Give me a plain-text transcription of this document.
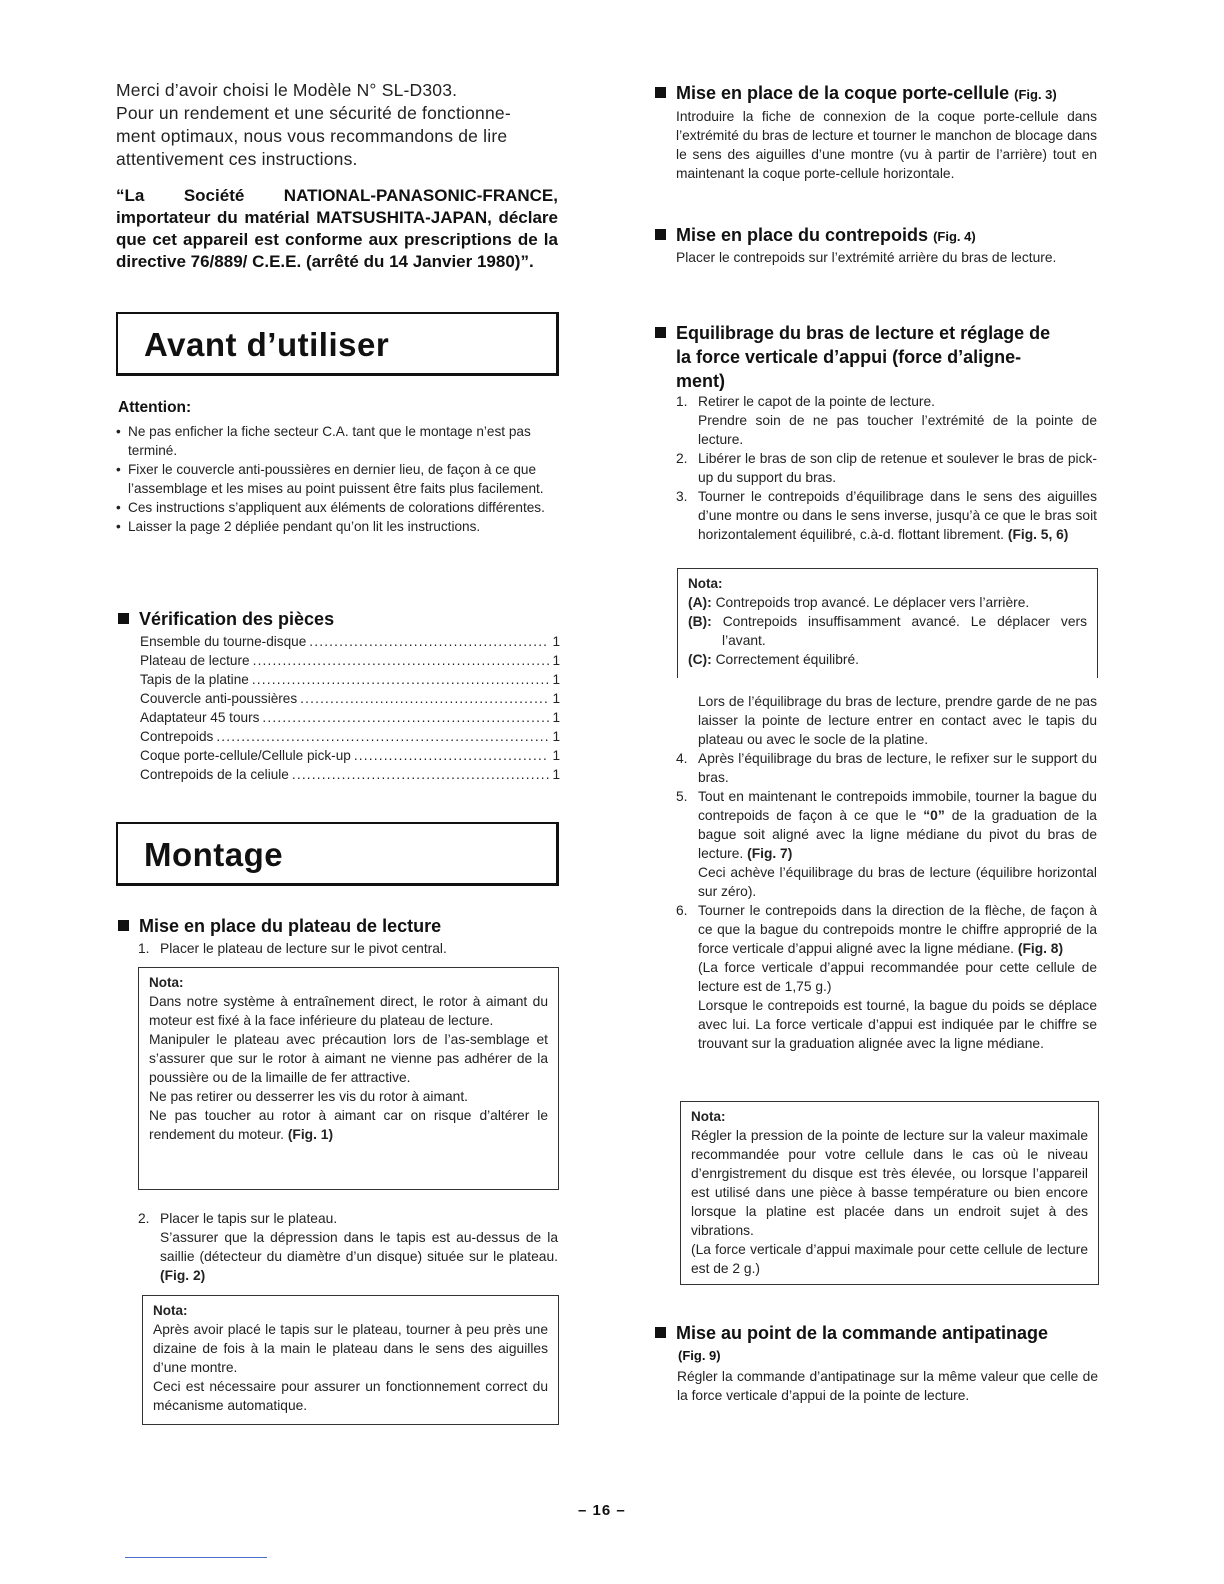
Merci d’avoir choisi le Modèle N° SL-D303.
Pour un rendement et une sécurité de fonctionne-
ment optimaux, nous vous recommandons de lire
attentivement ces instructions.
“La Société NATIONAL-PANASONIC-FRANCE, importateur du matérial MATSUSHITA-JAPAN, déclare que cet appareil est conforme aux prescriptions de la directive 76/889/ C.E.E. (arrêté du 14 Janvier 1980)”.
Avant d’utiliser
Attention:
• Ne pas enficher la fiche secteur C.A. tant que le montage n’est pas terminé.
• Fixer le couvercle anti-poussières en dernier lieu, de façon à ce que l’assemblage et les mises au point puissent être faits plus facilement.
• Ces instructions s’appliquent aux éléments de colorations différentes.
• Laisser la page 2 dépliée pendant qu’on lit les instructions.
Vérification des pièces
Ensemble du tourne-disque .....	1
Plateau de lecture .....	1
Tapis de la platine .....	1
Couvercle anti-poussières .....	1
Adaptateur 45 tours .....	1
Contrepoids .....	1
Coque porte-cellule/Cellule pick-up .....	1
Contrepoids de la celiule .....	1
Montage
Mise en place du plateau de lecture
1. Placer le plateau de lecture sur le pivot central.
Nota:
Dans notre système à entraînement direct, le rotor à aimant du moteur est fixé à la face inférieure du plateau de lecture.
Manipuler le plateau avec précaution lors de l’as-semblage et s’assurer que sur le rotor à aimant ne vienne pas adhérer de la poussière ou de la limaille de fer attractive.
Ne pas retirer ou desserrer les vis du rotor à aimant.
Ne pas toucher au rotor à aimant car on risque d’altérer le rendement du moteur. (Fig. 1)
2. Placer le tapis sur le plateau.
S’assurer que la dépression dans le tapis est au-dessus de la saillie (détecteur du diamètre d’un disque) située sur le plateau. (Fig. 2)
Nota:
Après avoir placé le tapis sur le plateau, tourner à peu près une dizaine de fois à la main le plateau dans le sens des aiguilles d’une montre.
Ceci est nécessaire pour assurer un fonctionnement correct du mécanisme automatique.
Mise en place de la coque porte-cellule (Fig. 3)
Introduire la fiche de connexion de la coque porte-cellule dans l’extrémité du bras de lecture et tourner le manchon de blocage dans le sens des aiguilles d’une montre (vu à partir de l’arrière) tout en maintenant la coque porte-cellule horizontale.
Mise en place du contrepoids (Fig. 4)
Placer le contrepoids sur l’extrémité arrière du bras de lecture.
Equilibrage du bras de lecture et réglage de
la force verticale d’appui (force d’aligne-
ment)
1. Retirer le capot de la pointe de lecture.
Prendre soin de ne pas toucher l’extrémité de la pointe de lecture.
2. Libérer le bras de son clip de retenue et soulever le bras de pick-up du support du bras.
3. Tourner le contrepoids d’équilibrage dans le sens des aiguilles d’une montre ou dans le sens inverse, jusqu’à ce que le bras soit horizontalement équilibré, c.à-d. flottant librement. (Fig. 5, 6)
Nota:
(A): Contrepoids trop avancé. Le déplacer vers l’arrière.
(B): Contrepoids insuffisamment avancé. Le déplacer vers l’avant.
(C): Correctement équilibré.
Lors de l’équilibrage du bras de lecture, prendre garde de ne pas laisser la pointe de lecture entrer en contact avec le tapis du plateau ou avec le socle de la platine.
4. Après l’équilibrage du bras de lecture, le refixer sur le support du bras.
5. Tout en maintenant le contrepoids immobile, tourner la bague du contrepoids de façon à ce que le “0” de la graduation de la bague soit aligné avec la ligne médiane du pivot du bras de lecture. (Fig. 7)
Ceci achève l’équilibrage du bras de lecture (équilibre horizontal sur zéro).
6. Tourner le contrepoids dans la direction de la flèche, de façon à ce que la bague du contrepoids montre le chiffre approprié de la force verticale d’appui aligné avec la ligne médiane. (Fig. 8)
(La force verticale d’appui recommandée pour cette cellule de lecture est de 1,75 g.)
Lorsque le contrepoids est tourné, la bague du poids se déplace avec lui. La force verticale d’appui est indiquée par le chiffre se trouvant sur la graduation alignée avec la ligne médiane.
Nota:
Régler la pression de la pointe de lecture sur la valeur maximale recommandée pour votre cellule dans le cas où le niveau d’enrgistrement du disque est très élevée, ou lorsque l’appareil est utilisé dans une pièce à basse température ou bien encore lorsque la platine est placée dans un endroit sujet à des vibrations.
(La force verticale d’appui maximale pour cette cellule de lecture est de 2 g.)
Mise au point de la commande antipatinage
(Fig. 9)
Régler la commande d’antipatinage sur la même valeur que celle de la force verticale d’appui de la pointe de lecture.
– 16 –
